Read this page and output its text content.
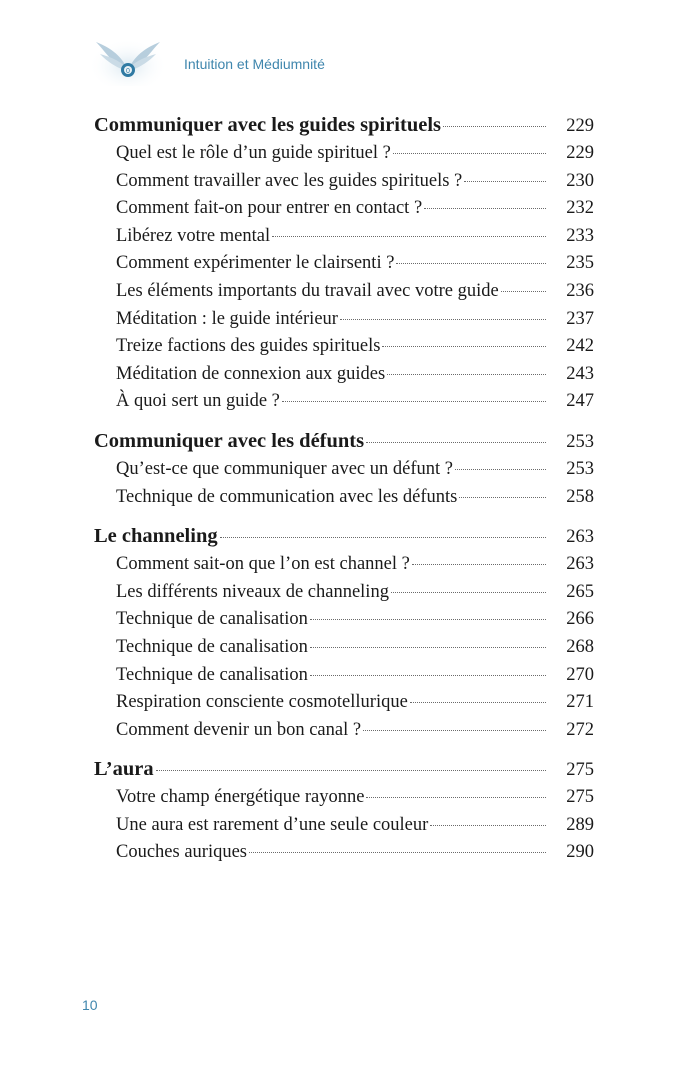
0	Intuition et Médiumnité
Communiquer avec les guides spirituels	229
Quel est le rôle d’un guide spirituel ?	229
Comment travailler avec les guides spirituels ?	230
Comment fait-on pour entrer en contact ?	232
Libérez votre mental	233
Comment expérimenter le clairsenti ?	235
Les éléments importants du travail avec votre guide	236
Méditation : le guide intérieur	237
Treize factions des guides spirituels	242
Méditation de connexion aux guides	243
À quoi sert un guide ?	247
Communiquer avec les défunts	253
Qu’est-ce que communiquer avec un défunt ?	253
Technique de communication avec les défunts	258
Le channeling	263
Comment sait-on que l’on est channel ?	263
Les différents niveaux de channeling	265
Technique de canalisation	266
Technique de canalisation	268
Technique de canalisation	270
Respiration consciente cosmotellurique	271
Comment devenir un bon canal ?	272
L’aura	275
Votre champ énergétique rayonne	275
Une aura est rarement d’une seule couleur	289
Couches auriques	290
10
